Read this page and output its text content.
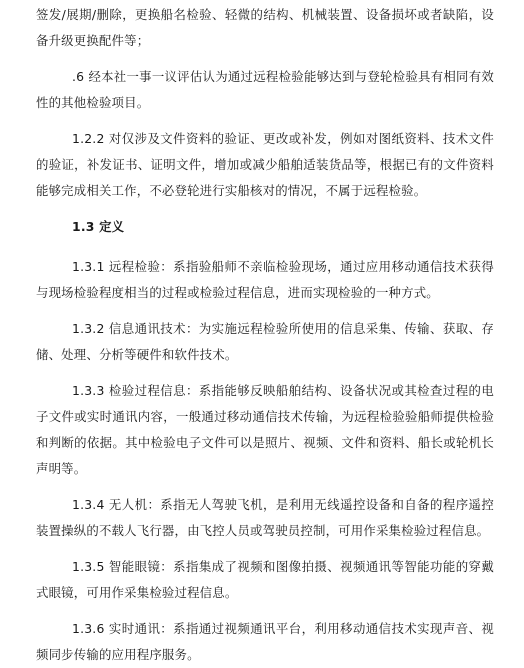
签发/展期/删除，更换船名检验、轻微的结构、机械装置、设备损坏或者缺陷，设备升级更换配件等；

.6 经本社一事一议评估认为通过远程检验能够达到与登轮检验具有相同有效性的其他检验项目。

1.2.2 对仅涉及文件资料的验证、更改或补发，例如对图纸资料、技术文件的验证，补发证书、证明文件，增加或减少船舶适装货品等，根据已有的文件资料能够完成相关工作，不必登轮进行实船核对的情况，不属于远程检验。

1.3 定义

1.3.1 远程检验：系指验船师不亲临检验现场，通过应用移动通信技术获得与现场检验程度相当的过程或检验过程信息，进而实现检验的一种方式。

1.3.2 信息通讯技术：为实施远程检验所使用的信息采集、传输、获取、存储、处理、分析等硬件和软件技术。

1.3.3 检验过程信息：系指能够反映船舶结构、设备状况或其检查过程的电子文件或实时通讯内容，一般通过移动通信技术传输，为远程检验验船师提供检验和判断的依据。其中检验电子文件可以是照片、视频、文件和资料、船长或轮机长声明等。

1.3.4 无人机：系指无人驾驶飞机，是利用无线遥控设备和自备的程序遥控装置操纵的不载人飞行器，由飞控人员或驾驶员控制，可用作采集检验过程信息。

1.3.5 智能眼镜：系指集成了视频和图像拍摄、视频通讯等智能功能的穿戴式眼镜，可用作采集检验过程信息。

1.3.6 实时通讯：系指通过视频通讯平台，利用移动通信技术实现声音、视频同步传输的应用程序服务。
